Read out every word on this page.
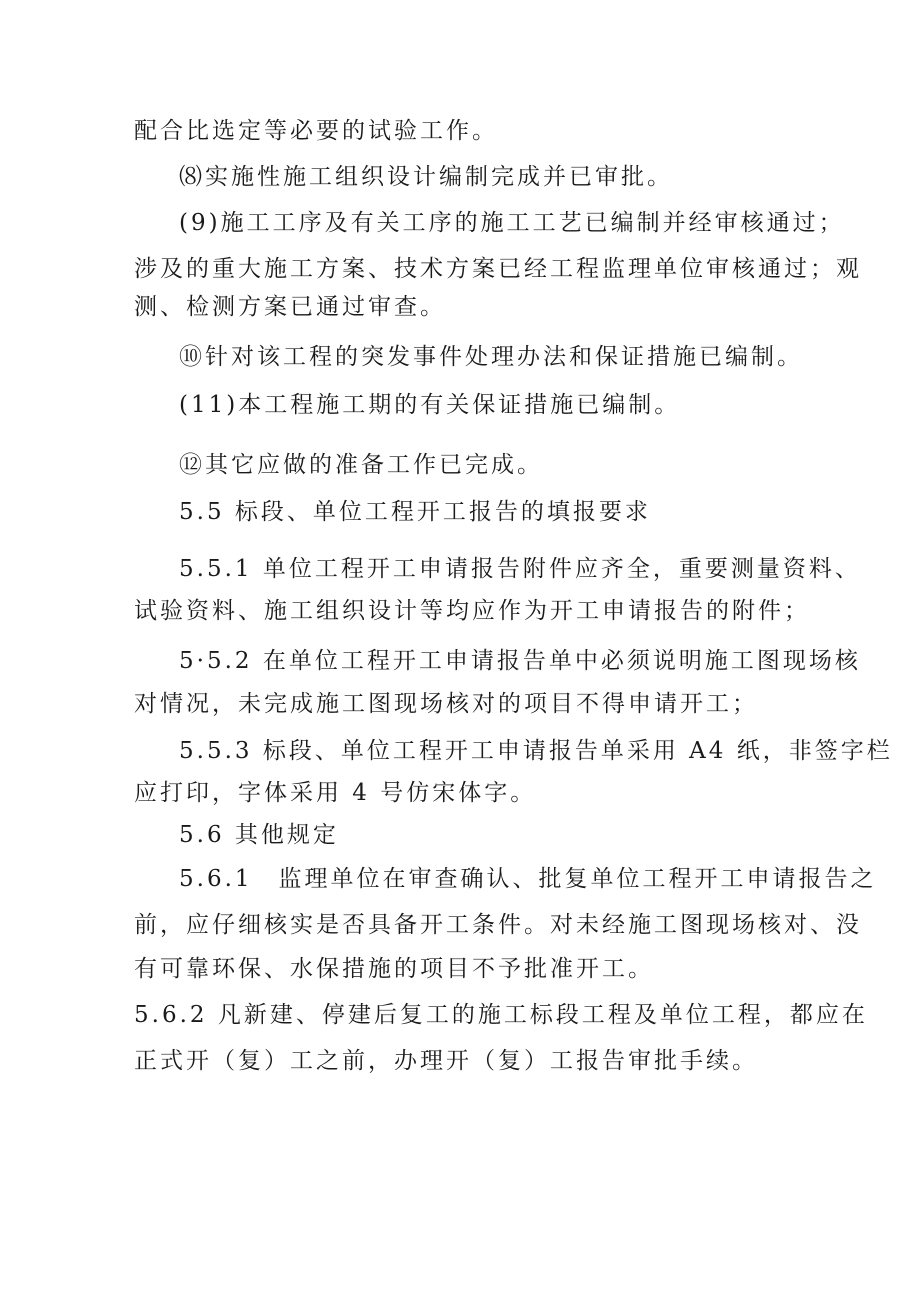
配合比选定等必要的试验工作。
⑻实施性施工组织设计编制完成并已审批。
(9)施工工序及有关工序的施工工艺已编制并经审核通过；
涉及的重大施工方案、技术方案已经工程监理单位审核通过；观
测、检测方案已通过审查。
⑩针对该工程的突发事件处理办法和保证措施已编制。
(11)本工程施工期的有关保证措施已编制。
⑫其它应做的准备工作已完成。
5.5 标段、单位工程开工报告的填报要求
5.5.1 单位工程开工申请报告附件应齐全，重要测量资料、
试验资料、施工组织设计等均应作为开工申请报告的附件；
5·5.2 在单位工程开工申请报告单中必须说明施工图现场核
对情况，未完成施工图现场核对的项目不得申请开工；
5.5.3 标段、单位工程开工申请报告单采用 A4 纸，非签字栏
应打印，字体采用 4 号仿宋体字。
5.6 其他规定
5.6.1　监理单位在审查确认、批复单位工程开工申请报告之
前，应仔细核实是否具备开工条件。对未经施工图现场核对、没
有可靠环保、水保措施的项目不予批准开工。
5.6.2 凡新建、停建后复工的施工标段工程及单位工程，都应在
正式开（复）工之前，办理开（复）工报告审批手续。
